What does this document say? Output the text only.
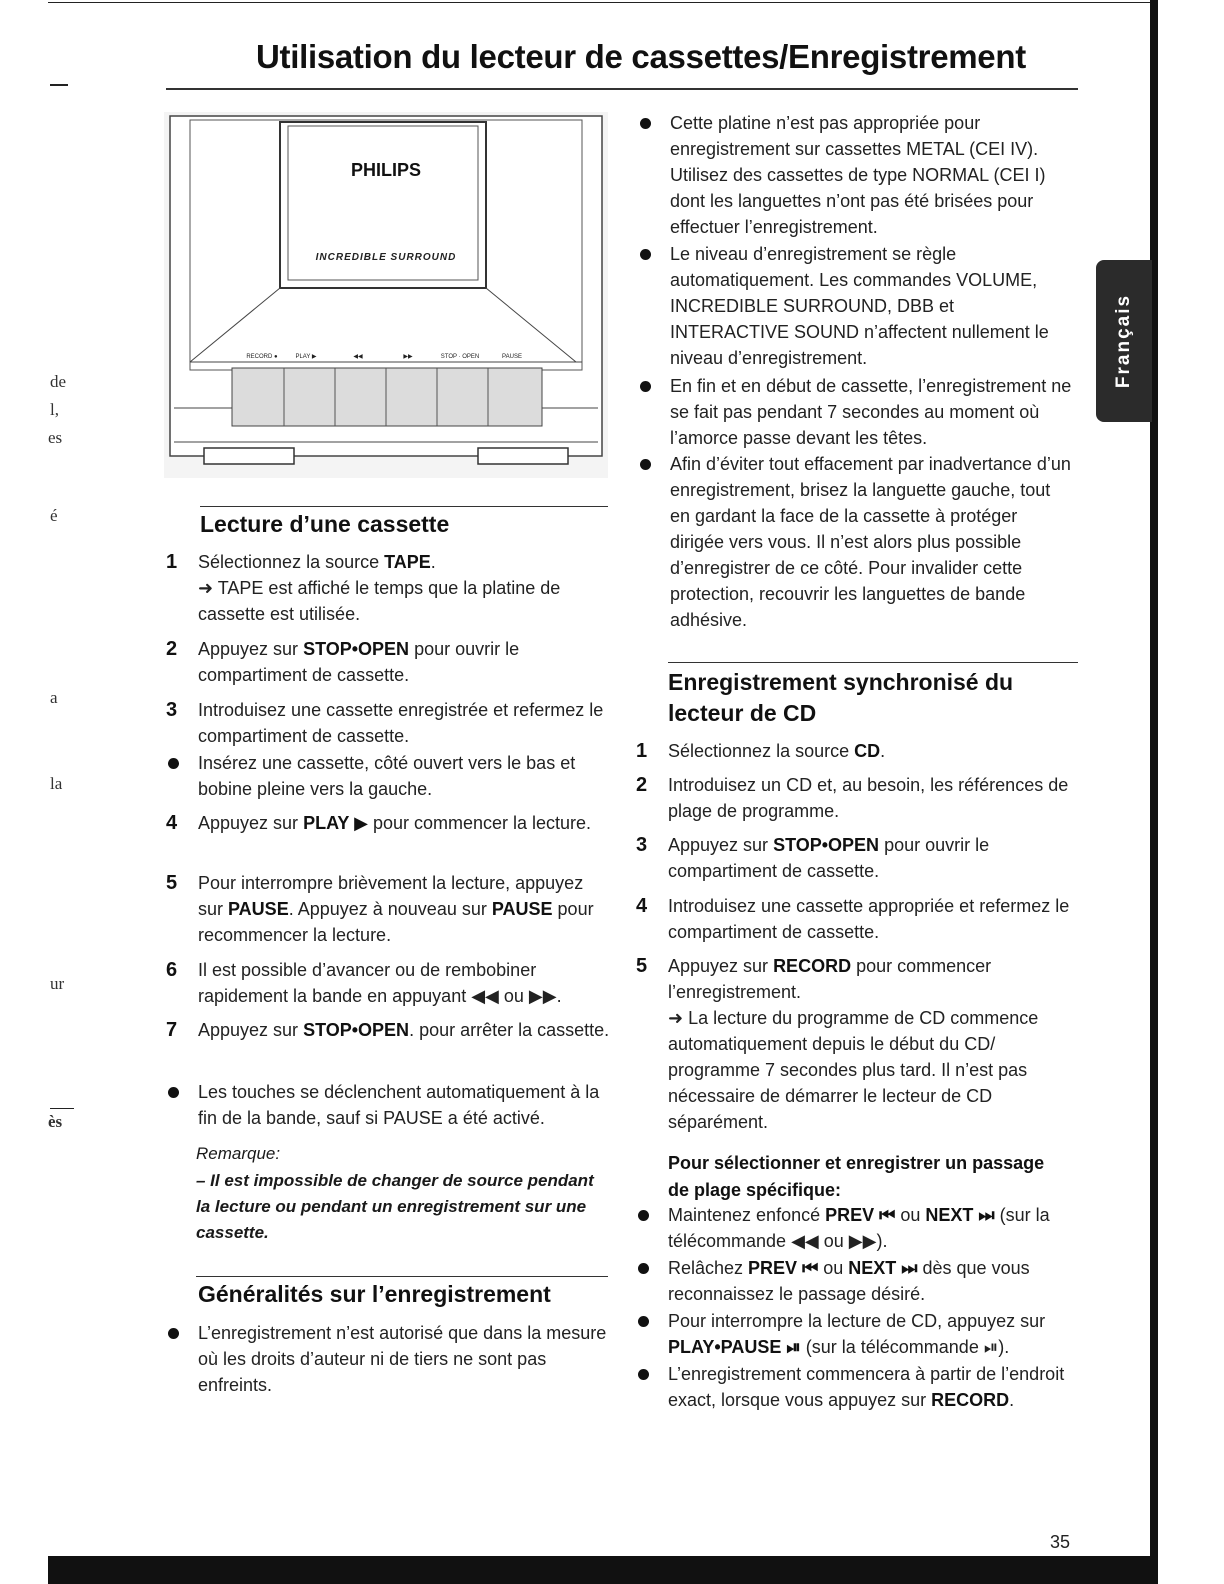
de
l,
es
é
a
la
ur
ès
Utilisation du lecteur de cassettes/Enregistrement
Français
PHILIPS
INCREDIBLE SURROUND
RECORD ●	PLAY ▶	◀◀	▶▶	STOP · OPEN	PAUSE
Lecture d’une cassette
1	Sélectionnez la source TAPE.
➜ TAPE est affiché le temps que la platine de cassette est utilisée.
2	Appuyez sur STOP•OPEN pour ouvrir le compartiment de cassette.
3	Introduisez une cassette enregistrée et refermez le compartiment de cassette.
Insérez une cassette, côté ouvert vers le bas et bobine pleine vers la gauche.
4	Appuyez sur PLAY ▶ pour commencer la lecture.
5	Pour interrompre brièvement la lecture, appuyez sur PAUSE. Appuyez à nouveau sur PAUSE pour recommencer la lecture.
6	Il est possible d’avancer ou de rembobiner rapidement la bande en appuyant ◀◀ ou ▶▶.
7	Appuyez sur STOP•OPEN. pour arrêter la cassette.
Les touches se déclenchent automatiquement à la fin de la bande, sauf si PAUSE a été activé.
Remarque:
– Il est impossible de changer de source pendant la lecture ou pendant un enregistrement sur une cassette.
Généralités sur l’enregistrement
L’enregistrement n’est autorisé que dans la mesure où les droits d’auteur ni de tiers ne sont pas enfreints.
Cette platine n’est pas appropriée pour enregistrement sur cassettes METAL (CEI IV). Utilisez des cassettes de type NORMAL (CEI I) dont les languettes n’ont pas été brisées pour effectuer l’enregistrement.
Le niveau d’enregistrement se règle automatiquement. Les commandes VOLUME, INCREDIBLE SURROUND, DBB et INTERACTIVE SOUND n’affectent nullement le niveau d’enregistrement.
En fin et en début de cassette, l’enregistrement ne se fait pas pendant 7 secondes au moment où l’amorce passe devant les têtes.
Afin d’éviter tout effacement par inadvertance d’un enregistrement, brisez la languette gauche, tout en gardant la face de la cassette à protéger dirigée vers vous. Il n’est alors plus possible d’enregistrer de ce côté. Pour invalider cette protection, recouvrir les languettes de bande adhésive.
Enregistrement synchronisé du lecteur de CD
1	Sélectionnez la source CD.
2	Introduisez un CD et, au besoin, les références de plage de programme.
3	Appuyez sur STOP•OPEN pour ouvrir le compartiment de cassette.
4	Introduisez une cassette appropriée et refermez le compartiment de cassette.
5	Appuyez sur RECORD pour commencer l’enregistrement.
➜ La lecture du programme de CD commence automatiquement depuis le début du CD/ programme 7 secondes plus tard. Il n’est pas nécessaire de démarrer le lecteur de CD séparément.
Pour sélectionner et enregistrer un passage de plage spécifique:
Maintenez enfoncé PREV ⏮ ou NEXT ⏭ (sur la télécommande ◀◀ ou ▶▶).
Relâchez PREV ⏮ ou NEXT ⏭ dès que vous reconnaissez le passage désiré.
Pour interrompre la lecture de CD, appuyez sur PLAY•PAUSE ⏯ (sur la télécommande ⏯).
L’enregistrement commencera à partir de l’endroit exact, lorsque vous appuyez sur RECORD.
35
